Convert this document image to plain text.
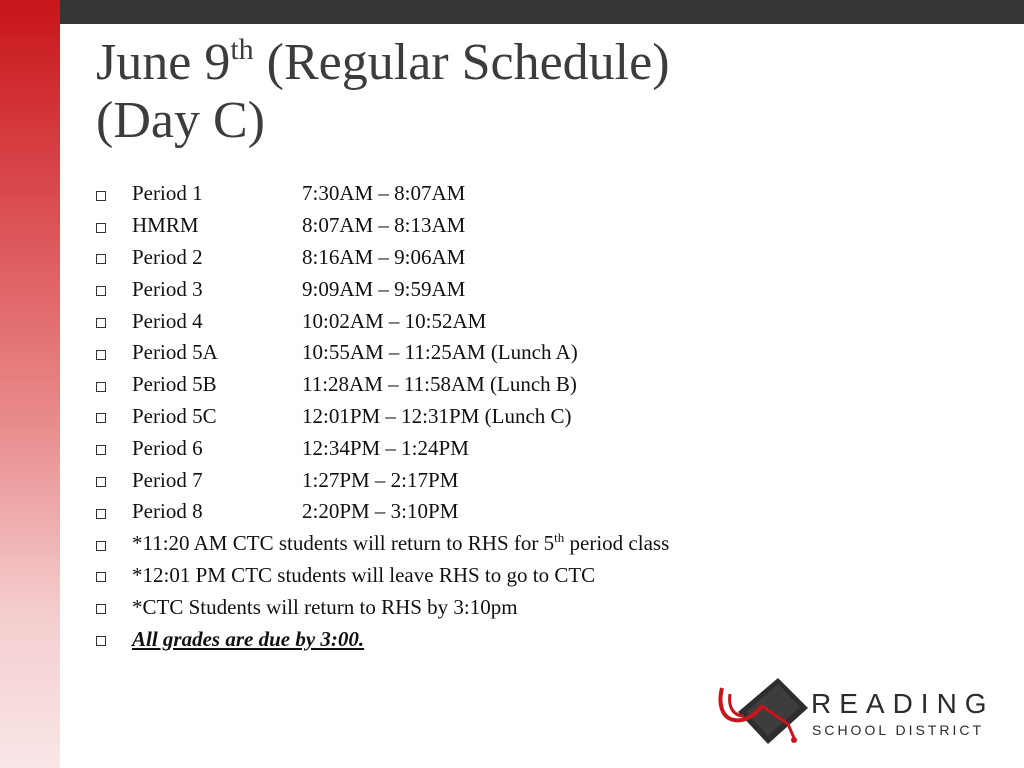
June 9th (Regular Schedule)
(Day C)
Period 1	7:30AM – 8:07AM
HMRM	8:07AM – 8:13AM
Period 2	8:16AM – 9:06AM
Period 3	9:09AM – 9:59AM
Period 4	10:02AM – 10:52AM
Period 5A	10:55AM – 11:25AM (Lunch A)
Period 5B	11:28AM – 11:58AM (Lunch B)
Period 5C	12:01PM – 12:31PM (Lunch C)
Period 6	12:34PM – 1:24PM
Period 7	1:27PM – 2:17PM
Period 8	2:20PM – 3:10PM
*11:20 AM CTC students will return to RHS for 5th period class
*12:01 PM CTC students will leave RHS to go to CTC
*CTC Students will return to RHS by 3:10pm
All grades are due by 3:00.
READING
SCHOOL DISTRICT
